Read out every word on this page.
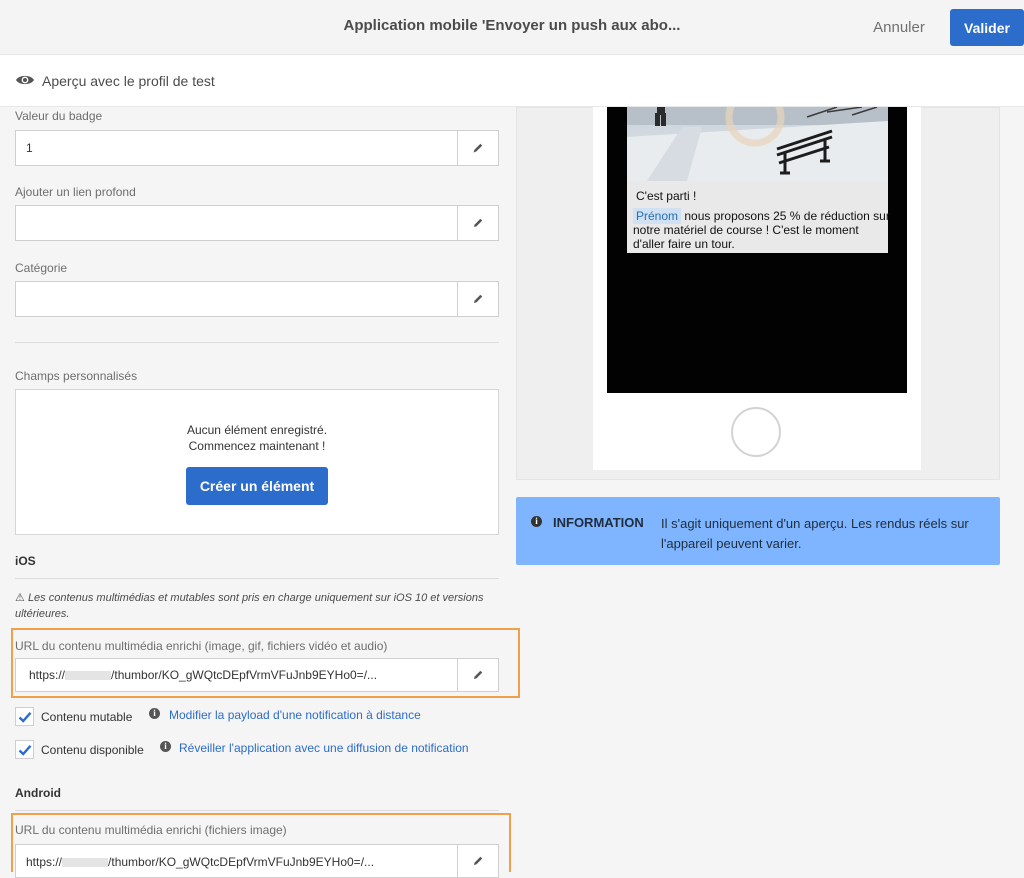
Application mobile 'Envoyer un push aux abo...	Annuler	Valider
Aperçu avec le profil de test
Valeur du badge
1
Ajouter un lien profond
Catégorie
Champs personnalisés
Aucun élément enregistré.
Commencez maintenant !
Créer un élément
iOS
⚠ Les contenus multimédias et mutables sont pris en charge uniquement sur iOS 10 et versions ultérieures.
URL du contenu multimédia enrichi (image, gif, fichiers vidéo et audio)
https://	/thumbor/KO_gWQtcDEpfVrmVFuJnb9EYHo0=/...
Contenu mutable	i	Modifier la payload d'une notification à distance
Contenu disponible	i	Réveiller l'application avec une diffusion de notification
Android
URL du contenu multimédia enrichi (fichiers image)
https://	/thumbor/KO_gWQtcDEpfVrmVFuJnb9EYHo0=/...
C'est parti !
Prénom nous proposons 25 % de réduction sur notre matériel de course ! C'est le moment d'aller faire un tour.
i	INFORMATION Il s'agit uniquement d'un aperçu. Les rendus réels sur l'appareil peuvent varier.
